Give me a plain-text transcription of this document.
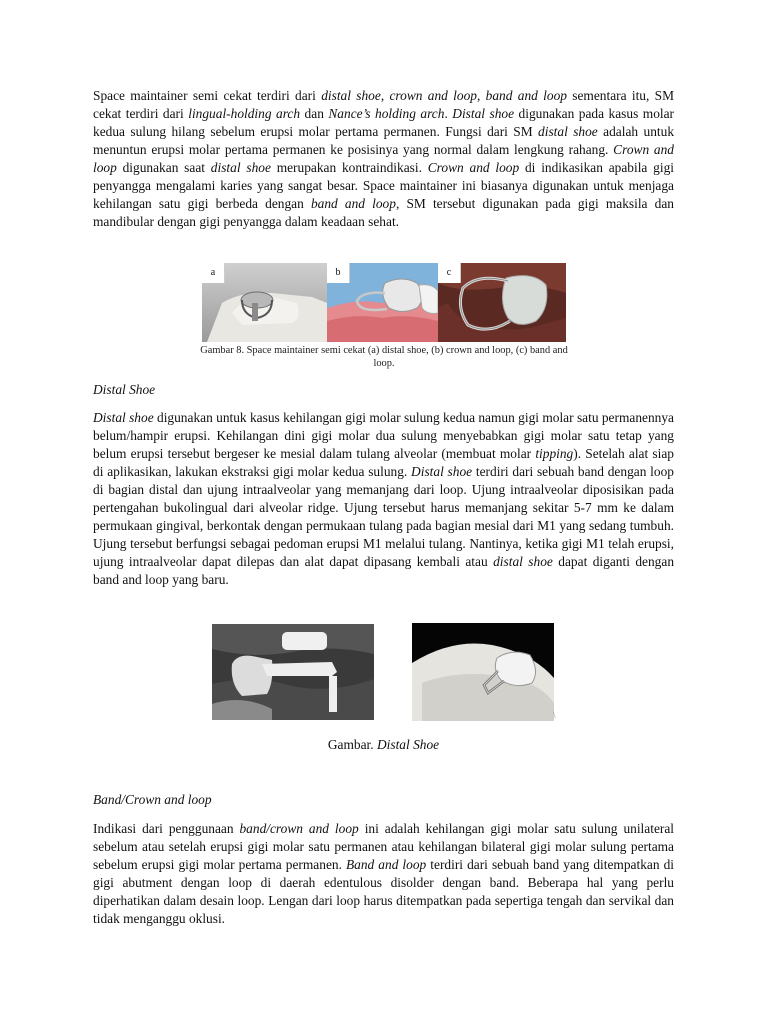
Space maintainer semi cekat terdiri dari distal shoe, crown and loop, band and loop sementara itu, SM cekat terdiri dari lingual-holding arch dan Nance’s holding arch. Distal shoe digunakan pada kasus molar kedua sulung hilang sebelum erupsi molar pertama permanen. Fungsi dari SM distal shoe adalah untuk menuntun erupsi molar pertama permanen ke posisinya yang normal dalam lengkung rahang. Crown and loop digunakan saat distal shoe merupakan kontraindikasi. Crown and loop di indikasikan apabila gigi penyangga mengalami karies yang sangat besar. Space maintainer ini biasanya digunakan untuk menjaga kehilangan satu gigi berbeda dengan band and loop, SM tersebut digunakan pada gigi maksila dan mandibular dengan gigi penyangga dalam keadaan sehat.

a	b	c
Gambar 8. Space maintainer semi cekat (a) distal shoe, (b) crown and loop, (c) band and loop.
Distal Shoe

Distal shoe digunakan untuk kasus kehilangan gigi molar sulung kedua namun gigi molar satu permanennya belum/hampir erupsi. Kehilangan dini gigi molar dua sulung menyebabkan gigi molar satu tetap yang belum erupsi tersebut bergeser ke mesial dalam tulang alveolar (membuat molar tipping). Setelah alat siap di aplikasikan, lakukan ekstraksi gigi molar kedua sulung. Distal shoe terdiri dari sebuah band dengan loop di bagian distal dan ujung intraalveolar yang memanjang dari loop. Ujung intraalveolar diposisikan pada pertengahan bukolingual dari alveolar ridge. Ujung tersebut harus memanjang sekitar 5-7 mm ke dalam permukaan gingival, berkontak dengan permukaan tulang pada bagian mesial dari M1 yang sedang tumbuh. Ujung tersebut berfungsi sebagai pedoman erupsi M1 melalui tulang. Nantinya, ketika gigi M1 telah erupsi, ujung intraalveolar dapat dilepas dan alat dapat dipasang kembali atau distal shoe dapat diganti dengan band and loop yang baru.

\
Gambar. Distal Shoe
Band/Crown and loop

Indikasi dari penggunaan band/crown and loop ini adalah kehilangan gigi molar satu sulung unilateral sebelum atau setelah erupsi gigi molar satu permanen atau kehilangan bilateral gigi molar sulung pertama sebelum erupsi gigi molar pertama permanen. Band and loop terdiri dari sebuah band yang ditempatkan di gigi abutment dengan loop di daerah edentulous disolder dengan band. Beberapa hal yang perlu diperhatikan dalam desain loop. Lengan dari loop harus ditempatkan pada sepertiga tengah dan servikal dan tidak menganggu oklusi.
